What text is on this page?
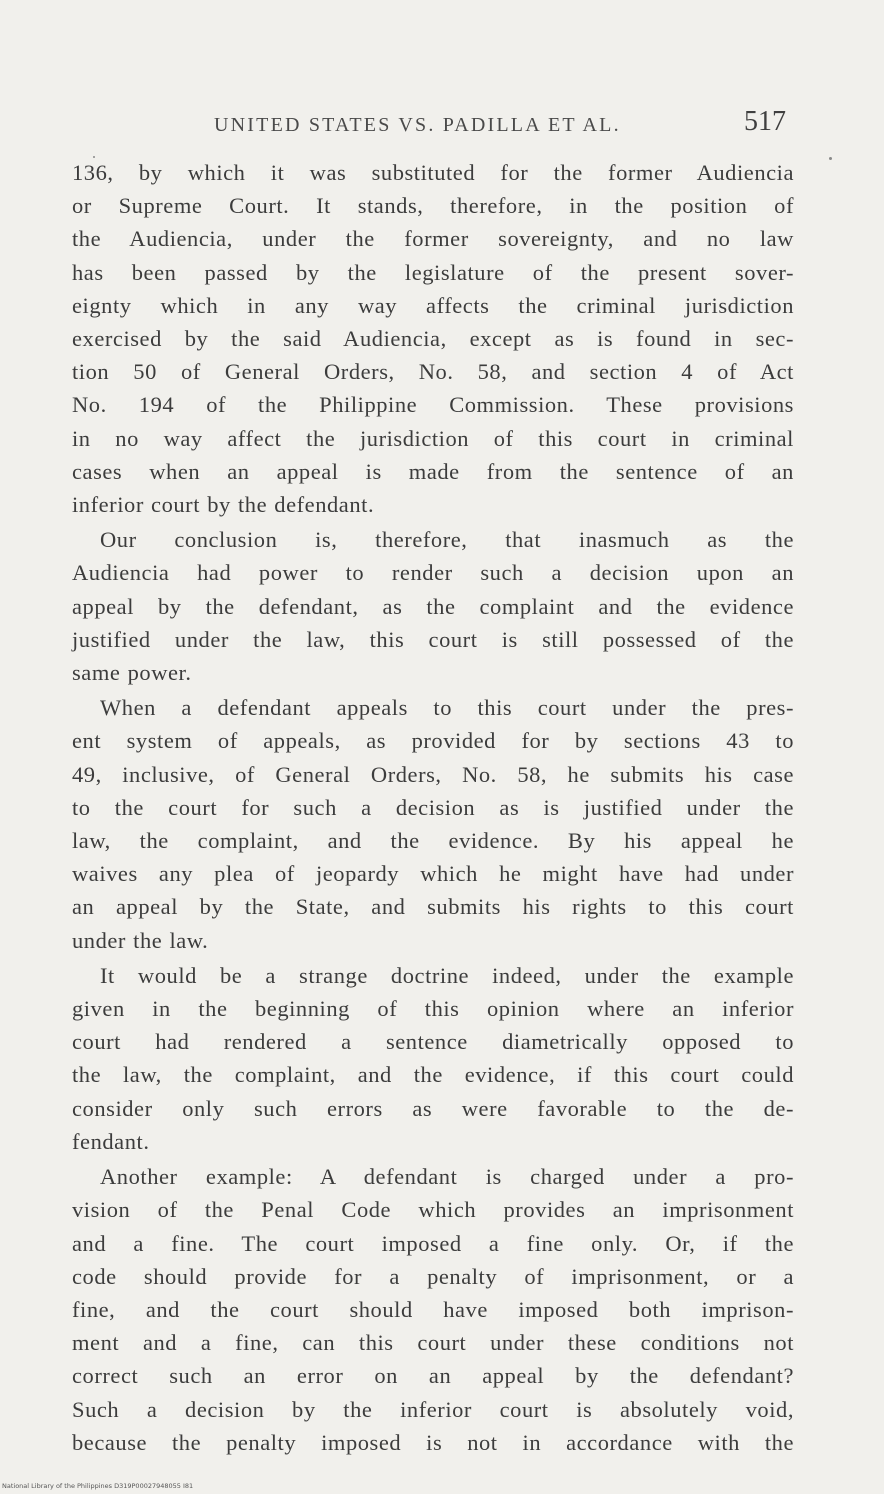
UNITED STATES VS. PADILLA ET AL.	517

136, by which it was substituted for the former Audiencia
or Supreme Court. It stands, therefore, in the position of
the Audiencia, under the former sovereignty, and no law
has been passed by the legislature of the present sover-
eignty which in any way affects the criminal jurisdiction
exercised by the said Audiencia, except as is found in sec-
tion 50 of General Orders, No. 58, and section 4 of Act
No. 194 of the Philippine Commission. These provisions
in no way affect the jurisdiction of this court in criminal
cases when an appeal is made from the sentence of an
inferior court by the defendant.

Our conclusion is, therefore, that inasmuch as the
Audiencia had power to render such a decision upon an
appeal by the defendant, as the complaint and the evidence
justified under the law, this court is still possessed of the
same power.

When a defendant appeals to this court under the pres-
ent system of appeals, as provided for by sections 43 to
49, inclusive, of General Orders, No. 58, he submits his case
to the court for such a decision as is justified under the
law, the complaint, and the evidence. By his appeal he
waives any plea of jeopardy which he might have had under
an appeal by the State, and submits his rights to this court
under the law.

It would be a strange doctrine indeed, under the example
given in the beginning of this opinion where an inferior
court had rendered a sentence diametrically opposed to
the law, the complaint, and the evidence, if this court could
consider only such errors as were favorable to the de-
fendant.

Another example: A defendant is charged under a pro-
vision of the Penal Code which provides an imprisonment
and a fine. The court imposed a fine only. Or, if the
code should provide for a penalty of imprisonment, or a
fine, and the court should have imposed both imprison-
ment and a fine, can this court under these conditions not
correct such an error on an appeal by the defendant?
Such a decision by the inferior court is absolutely void,
because the penalty imposed is not in accordance with the

National Library of the Philippines D319P00027948055 I81
